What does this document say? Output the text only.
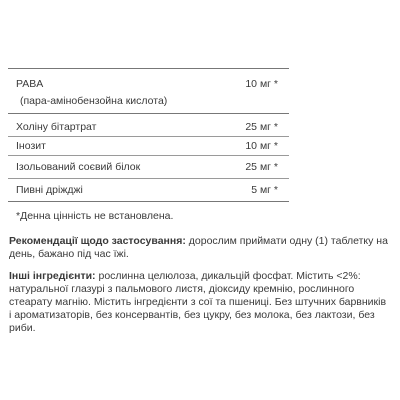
PABA	10 мг *
(пара-амінобензойна кислота)
Холіну бітартрат	25 мг *
Інозит	10 мг *
Ізольований соєвий білок	25 мг *
Пивні дріжджі	5 мг *
*Денна цінність не встановлена.
Рекомендації щодо застосування: дорослим приймати одну (1) таблетку на день, бажано під час їжі.
Інші інгредієнти: рослинна целюлоза, дикальцій фосфат. Містить <2%: натуральної глазурі з пальмового листя, діоксиду кремнію, рослинного стеарату магнію. Містить інгредієнти з сої та пшениці. Без штучних барвників і ароматизаторів, без консервантів, без цукру, без молока, без лактози, без риби.
